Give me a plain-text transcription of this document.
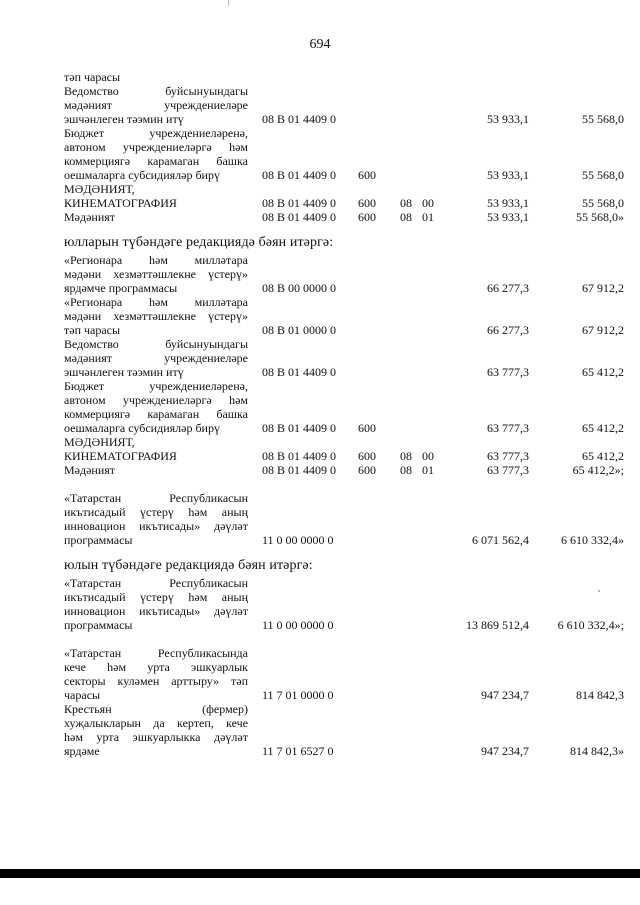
694
тәп чарасы
Ведомство буйсынуындагы
мәдәният учреждениеләре
эшчәнлеген тәэмин итү	08 В 01 4409 0	53 933,1	55 568,0
Бюджет учреждениеләренә,
автоном учреждениеләргә һәм
коммерциягә карамаган башка
оешмаларга субсидияләр бирү	08 В 01 4409 0 600	53 933,1	55 568,0
МӘДӘНИЯТ,
КИНЕМАТОГРАФИЯ	08 В 01 4409 0 600 08 00	53 933,1	55 568,0
Мәдәният	08 В 01 4409 0 600 08 01	53 933,1	55 568,0»
юлларын түбәндәге редакциядә бәян итәргә:
«Регионара һәм милләтара
мәдәни хезмәттәшлекне үстерү»
ярдәмче программасы	08 В 00 0000 0	66 277,3	67 912,2
«Регионара һәм милләтара
мәдәни хезмәттәшлекне үстерү»
тәп чарасы	08 В 01 0000 0	66 277,3	67 912,2
Ведомство буйсынуындагы
мәдәният учреждениеләре
эшчәнлеген тәэмин итү	08 В 01 4409 0	63 777,3	65 412,2
Бюджет учреждениеләренә,
автоном учреждениеләргә һәм
коммерциягә карамаган башка
оешмаларга субсидияләр бирү	08 В 01 4409 0 600	63 777,3	65 412,2
МӘДӘНИЯТ,
КИНЕМАТОГРАФИЯ	08 В 01 4409 0 600 08 00	63 777,3	65 412,2
Мәдәният	08 В 01 4409 0 600 08 01	63 777,3	65 412,2»;
«Татарстан Республикасын
икътисадый үстерү һәм аның
инновацион икътисады» дәүләт
программасы	11 0 00 0000 0	6 071 562,4	6 610 332,4»
юлын түбәндәге редакциядә бәян итәргә:
«Татарстан Республикасын
икътисадый үстерү һәм аның
инновацион икътисады» дәүләт
программасы	11 0 00 0000 0	13 869 512,4 6 610 332,4»;
«Татарстан Республикасында
кече һәм урта эшкуарлык
секторы куләмен арттыру» тәп
чарасы	11 7 01 0000 0	947 234,7	814 842,3
Крестьян (фермер)
хуҗалыкларын да кертеп, кече
һәм урта эшкуарлыкка дәүләт
ярдәме	11 7 01 6527 0	947 234,7	814 842,3»
